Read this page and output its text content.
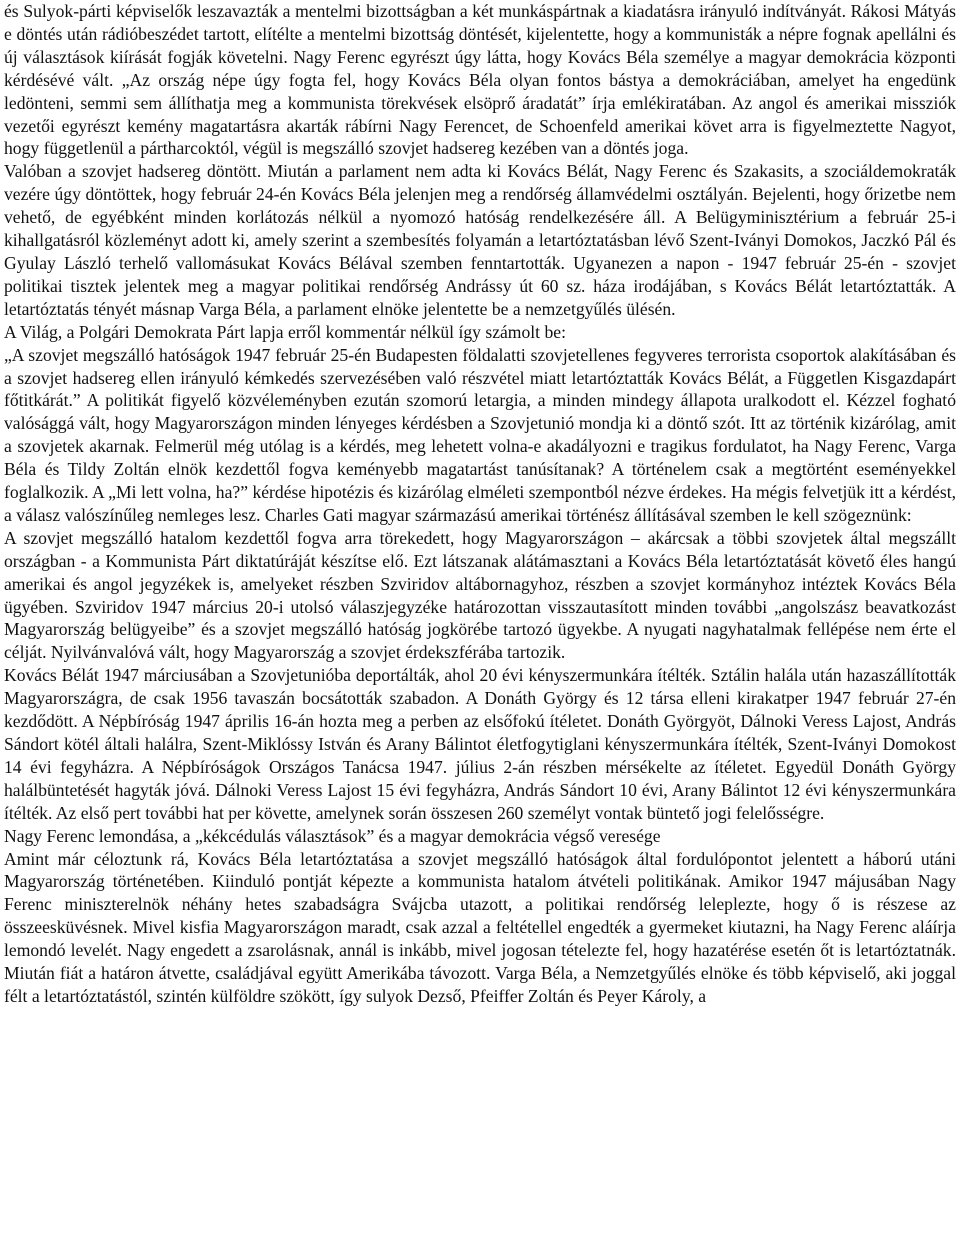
és Sulyok-párti képviselők leszavazták a mentelmi bizottságban a két munkáspártnak a kiadatásra irányuló indítványát. Rákosi Mátyás e döntés után rádióbeszédet tartott, elítélte a mentelmi bizottság döntését, kijelentette, hogy a kommunisták a népre fognak apellálni és új választások kiírását fogják követelni. Nagy Ferenc egyrészt úgy látta, hogy Kovács Béla személye a magyar demokrácia központi kérdésévé vált. „Az ország népe úgy fogta fel, hogy Kovács Béla olyan fontos bástya a demokráciában, amelyet ha engedünk ledönteni, semmi sem állíthatja meg a kommunista törekvések elsöprő áradatát” írja emlékiratában. Az angol és amerikai missziók vezetői egyrészt kemény magatartásra akarták rábírni Nagy Ferencet, de Schoenfeld amerikai követ arra is figyelmeztette Nagyot, hogy függetlenül a pártharcoktól, végül is megszálló szovjet hadsereg kezében van a döntés joga.

Valóban a szovjet hadsereg döntött. Miután a parlament nem adta ki Kovács Bélát, Nagy Ferenc és Szakasits, a szociáldemokraták vezére úgy döntöttek, hogy február 24-én Kovács Béla jelenjen meg a rendőrség államvédelmi osztályán. Bejelenti, hogy őrizetbe nem vehető, de egyébként minden korlátozás nélkül a nyomozó hatóság rendelkezésére áll. A Belügyminisztérium a február 25-i kihallgatásról közleményt adott ki, amely szerint a szembesítés folyamán a letartóztatásban lévő Szent-Iványi Domokos, Jaczkó Pál és Gyulay László terhelő vallomásukat Kovács Bélával szemben fenntartották. Ugyanezen a napon - 1947 február 25-én - szovjet politikai tisztek jelentek meg a magyar politikai rendőrség Andrássy út 60 sz. háza irodájában, s Kovács Bélát letartóztatták. A letartóztatás tényét másnap Varga Béla, a parlament elnöke jelentette be a nemzetgyűlés ülésén.

A Világ, a Polgári Demokrata Párt lapja erről kommentár nélkül így számolt be:

„A szovjet megszálló hatóságok 1947 február 25-én Budapesten földalatti szovjetellenes fegyveres terrorista csoportok alakításában és a szovjet hadsereg ellen irányuló kémkedés szervezésében való részvétel miatt letartóztatták Kovács Bélát, a Független Kisgazdapárt főtitkárát.” A politikát figyelő közvéleményben ezután szomorú letargia, a minden mindegy állapota uralkodott el. Kézzel fogható valósággá vált, hogy Magyarországon minden lényeges kérdésben a Szovjetunió mondja ki a döntő szót. Itt az történik kizárólag, amit a szovjetek akarnak. Felmerül még utólag is a kérdés, meg lehetett volna-e akadályozni e tragikus fordulatot, ha Nagy Ferenc, Varga Béla és Tildy Zoltán elnök kezdettől fogva keményebb magatartást tanúsítanak? A történelem csak a megtörtént eseményekkel foglalkozik. A „Mi lett volna, ha?” kérdése hipotézis és kizárólag elméleti szempontból nézve érdekes. Ha mégis felvetjük itt a kérdést, a válasz valószínűleg nemleges lesz. Charles Gati magyar származású amerikai történész állításával szemben le kell szögeznünk:

A szovjet megszálló hatalom kezdettől fogva arra törekedett, hogy Magyarországon – akárcsak a többi szovjetek által megszállt országban - a Kommunista Párt diktatúráját készítse elő. Ezt látszanak alátámasztani a Kovács Béla letartóztatását követő éles hangú amerikai és angol jegyzékek is, amelyeket részben Szviridov altábornagyhoz, részben a szovjet kormányhoz intéztek Kovács Béla ügyében. Szviridov 1947 március 20-i utolsó válaszjegyzéke határozottan visszautasított minden további „angolszász beavatkozást Magyarország belügyeibe” és a szovjet megszálló hatóság jogkörébe tartozó ügyekbe. A nyugati nagyhatalmak fellépése nem érte el célját. Nyilvánvalóvá vált, hogy Magyarország a szovjet érdekszférába tartozik.

Kovács Bélát 1947 márciusában a Szovjetunióba deportálták, ahol 20 évi kényszermunkára ítélték. Sztálin halála után hazaszállították Magyarországra, de csak 1956 tavaszán bocsátották szabadon. A Donáth György és 12 társa elleni kirakatper 1947 február 27-én kezdődött. A Népbíróság 1947 április 16-án hozta meg a perben az elsőfokú ítéletet. Donáth Györgyöt, Dálnoki Veress Lajost, András Sándort kötél általi halálra, Szent-Miklóssy István és Arany Bálintot életfogytiglani kényszermunkára ítélték, Szent-Iványi Domokost 14 évi fegyházra. A Népbíróságok Országos Tanácsa 1947. július 2-án részben mérsékelte az ítéletet. Egyedül Donáth György halálbüntetését hagyták jóvá. Dálnoki Veress Lajost 15 évi fegyházra, András Sándort 10 évi, Arany Bálintot 12 évi kényszermunkára ítélték. Az első pert további hat per követte, amelynek során összesen 260 személyt vontak büntető jogi felelősségre.

Nagy Ferenc lemondása, a „kékcédulás választások” és a magyar demokrácia végső vereségе

Amint már céloztunk rá, Kovács Béla letartóztatása a szovjet megszálló hatóságok által fordulópontot jelentett a háború utáni Magyarország történetében. Kiinduló pontját képezte a kommunista hatalom átvételi politikának. Amikor 1947 májusában Nagy Ferenc miniszterelnök néhány hetes szabadságra Svájcba utazott, a politikai rendőrség leleplezte, hogy ő is részese az összeesküvésnek. Mivel kisfia Magyarországon maradt, csak azzal a feltétellel engedték a gyermeket kiutazni, ha Nagy Ferenc aláírja lemondó levelét. Nagy engedett a zsarolásnak, annál is inkább, mivel jogosan tételezte fel, hogy hazatérése esetén őt is letartóztatnák. Miután fiát a határon átvette, családjával együtt Amerikába távozott. Varga Béla, a Nemzetgyűlés elnöke és több képviselő, aki joggal félt a letartóztatástól, szintén külföldre szökött, így sulyok Dezső, Pfeiffer Zoltán és Peyer Károly, a
